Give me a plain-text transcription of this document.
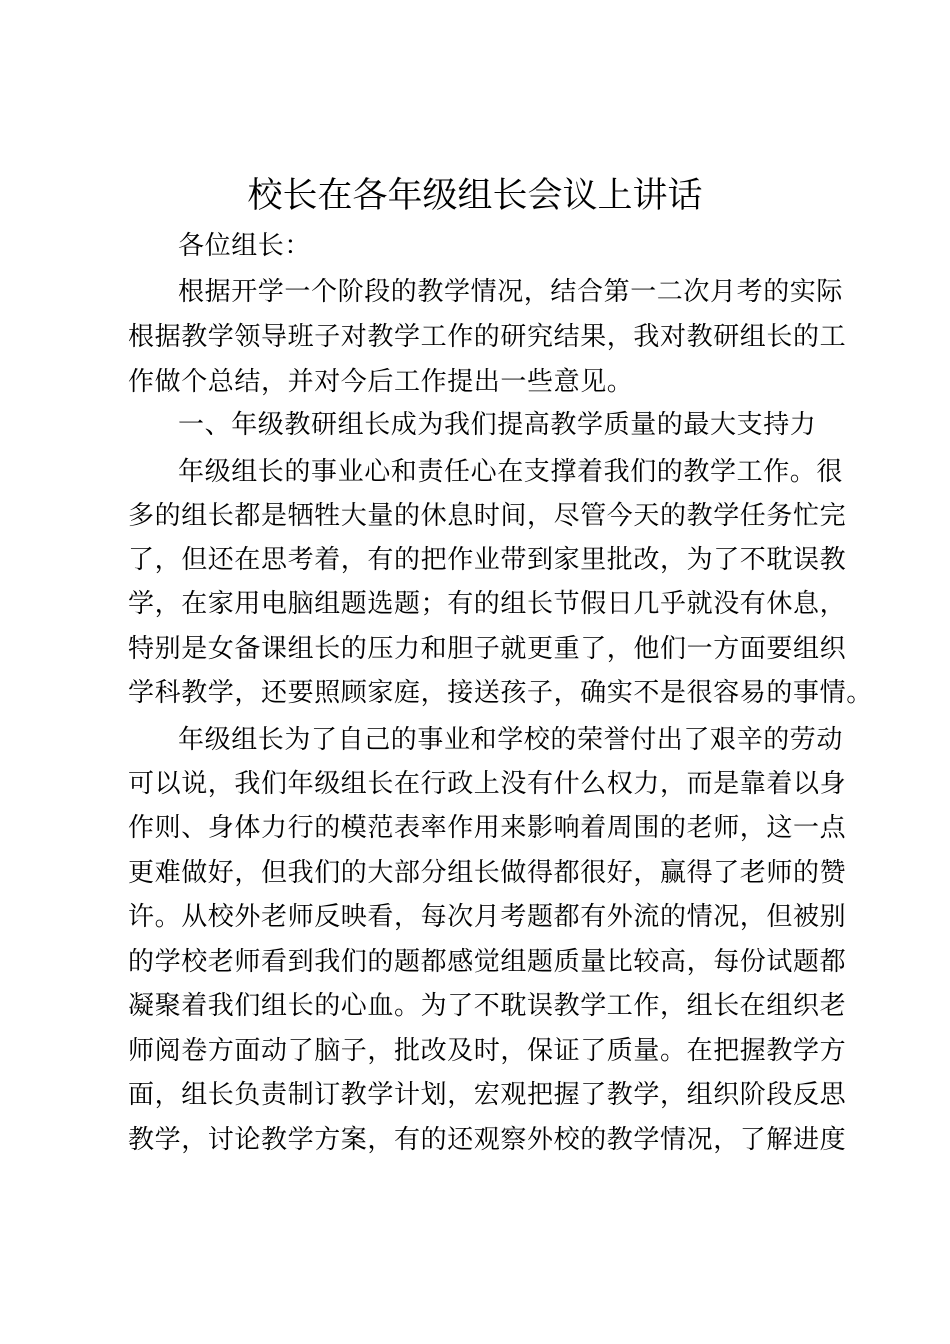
校长在各年级组长会议上讲话
各位组长：
根据开学一个阶段的教学情况，结合第一二次月考的实际
根据教学领导班子对教学工作的研究结果，我对教研组长的工
作做个总结，并对今后工作提出一些意见。
一、年级教研组长成为我们提高教学质量的最大支持力
年级组长的事业心和责任心在支撑着我们的教学工作。很
多的组长都是牺牲大量的休息时间，尽管今天的教学任务忙完
了，但还在思考着，有的把作业带到家里批改，为了不耽误教
学，在家用电脑组题选题；有的组长节假日几乎就没有休息，
特别是女备课组长的压力和胆子就更重了，他们一方面要组织
学科教学，还要照顾家庭，接送孩子，确实不是很容易的事情。
年级组长为了自己的事业和学校的荣誉付出了艰辛的劳动
可以说，我们年级组长在行政上没有什么权力，而是靠着以身
作则、身体力行的模范表率作用来影响着周围的老师，这一点
更难做好，但我们的大部分组长做得都很好，赢得了老师的赞
许。从校外老师反映看，每次月考题都有外流的情况，但被别
的学校老师看到我们的题都感觉组题质量比较高，每份试题都
凝聚着我们组长的心血。为了不耽误教学工作，组长在组织老
师阅卷方面动了脑子，批改及时，保证了质量。在把握教学方
面，组长负责制订教学计划，宏观把握了教学，组织阶段反思
教学，讨论教学方案，有的还观察外校的教学情况，了解进度
